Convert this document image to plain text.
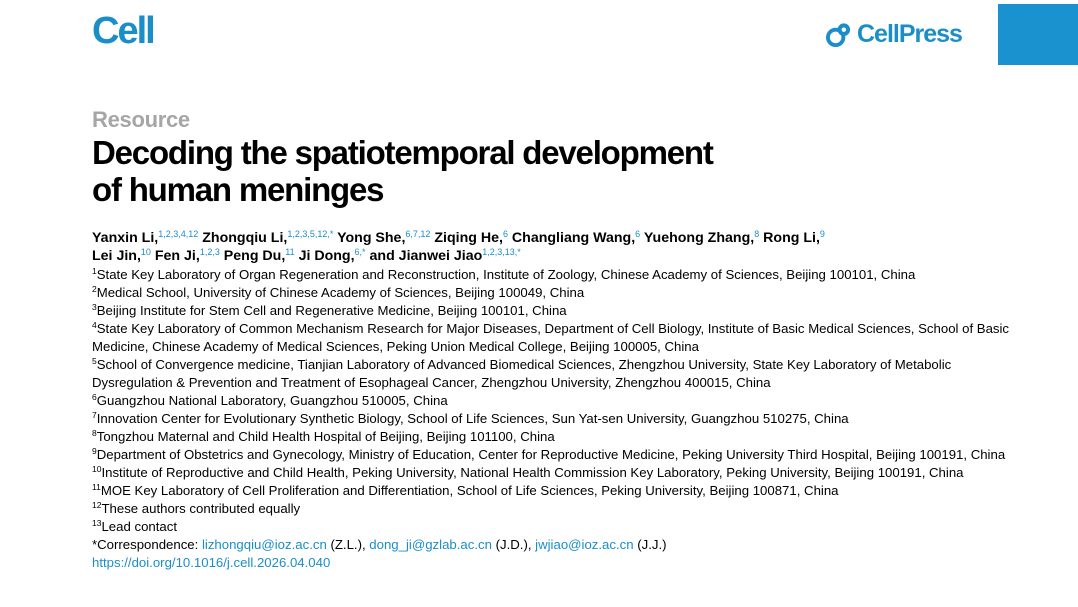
Cell	CellPress
Resource
Decoding the spatiotemporal development
of human meninges
Yanxin Li,$^{1,2,3,4,12}$ Zhongqiu Li,$^{1,2,3,5,12,*}$ Yong She,$^{6,7,12}$ Ziqing He,$^6$ Changliang Wang,$^6$ Yuehong Zhang,$^8$ Rong Li,$^9$
Lei Jin,$^{10}$ Fen Ji,$^{1,2,3}$ Peng Du,$^{11}$ Ji Dong,$^{6,*}$ and Jianwei Jiao$^{1,2,3,13,*}$
$^1$State Key Laboratory of Organ Regeneration and Reconstruction, Institute of Zoology, Chinese Academy of Sciences, Beijing 100101, China
$^2$Medical School, University of Chinese Academy of Sciences, Beijing 100049, China
$^3$Beijing Institute for Stem Cell and Regenerative Medicine, Beijing 100101, China
$^4$State Key Laboratory of Common Mechanism Research for Major Diseases, Department of Cell Biology, Institute of Basic Medical Sciences, School of Basic Medicine, Chinese Academy of Medical Sciences, Peking Union Medical College, Beijing 100005, China
$^5$School of Convergence medicine, Tianjian Laboratory of Advanced Biomedical Sciences, Zhengzhou University, State Key Laboratory of Metabolic Dysregulation & Prevention and Treatment of Esophageal Cancer, Zhengzhou University, Zhengzhou 400015, China
$^6$Guangzhou National Laboratory, Guangzhou 510005, China
$^7$Innovation Center for Evolutionary Synthetic Biology, School of Life Sciences, Sun Yat-sen University, Guangzhou 510275, China
$^8$Tongzhou Maternal and Child Health Hospital of Beijing, Beijing 101100, China
$^9$Department of Obstetrics and Gynecology, Ministry of Education, Center for Reproductive Medicine, Peking University Third Hospital, Beijing 100191, China
$^{10}$Institute of Reproductive and Child Health, Peking University, National Health Commission Key Laboratory, Peking University, Beijing 100191, China
$^{11}$MOE Key Laboratory of Cell Proliferation and Differentiation, School of Life Sciences, Peking University, Beijing 100871, China
$^{12}$These authors contributed equally
$^{13}$Lead contact
*Correspondence: lizhongqiu@ioz.ac.cn (Z.L.), dong_ji@gzlab.ac.cn (J.D.), jwjiao@ioz.ac.cn (J.J.)
https://doi.org/10.1016/j.cell.2026.04.040
